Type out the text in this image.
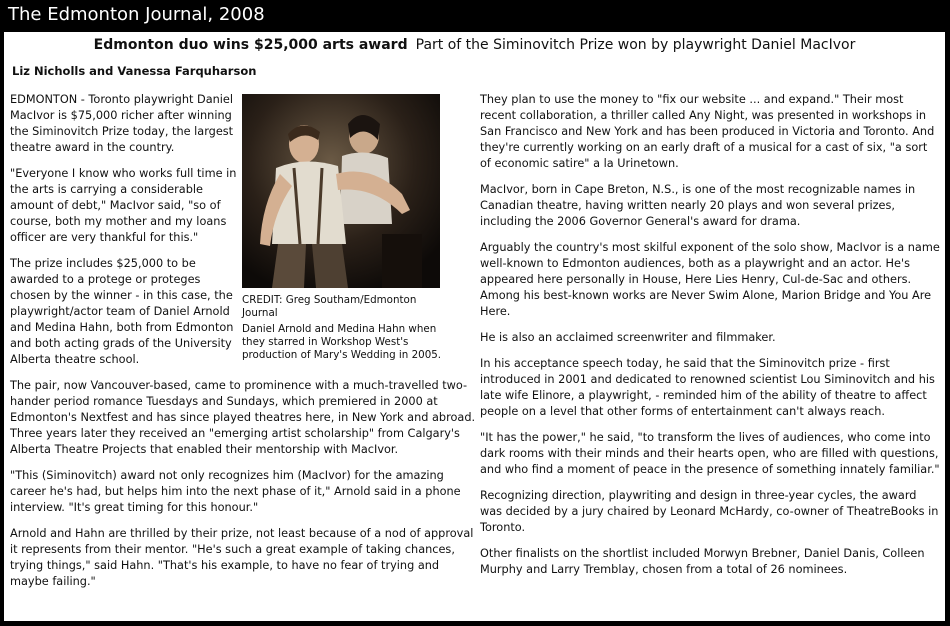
The Edmonton Journal, 2008
Edmonton duo wins $25,000 arts award Part of the Siminovitch Prize won by playwright Daniel MacIvor
Liz Nicholls and Vanessa Farquharson
CREDIT: Greg Southam/Edmonton Journal
Daniel Arnold and Medina Hahn when they starred in Workshop West's production of Mary's Wedding in 2005.

EDMONTON - Toronto playwright Daniel MacIvor is $75,000 richer after winning the Siminovitch Prize today, the largest theatre award in the country.

"Everyone I know who works full time in the arts is carrying a considerable amount of debt," MacIvor said, "so of course, both my mother and my loans officer are very thankful for this."

The prize includes $25,000 to be awarded to a protege or proteges chosen by the winner - in this case, the playwright/actor team of Daniel Arnold and Medina Hahn, both from Edmonton and both acting grads of the University Alberta theatre school.

The pair, now Vancouver-based, came to prominence with a much-travelled two-hander period romance Tuesdays and Sundays, which premiered in 2000 at Edmonton's Nextfest and has since played theatres here, in New York and abroad. Three years later they received an "emerging artist scholarship" from Calgary's Alberta Theatre Projects that enabled their mentorship with MacIvor.

"This (Siminovitch) award not only recognizes him (MacIvor) for the amazing career he's had, but helps him into the next phase of it," Arnold said in a phone interview. "It's great timing for this honour."

Arnold and Hahn are thrilled by their prize, not least because of a nod of approval it represents from their mentor. "He's such a great example of taking chances, trying things," said Hahn. "That's his example, to have no fear of trying and maybe failing."

They plan to use the money to "fix our website ... and expand." Their most recent collaboration, a thriller called Any Night, was presented in workshops in San Francisco and New York and has been produced in Victoria and Toronto. And they're currently working on an early draft of a musical for a cast of six, "a sort of economic satire" a la Urinetown.

MacIvor, born in Cape Breton, N.S., is one of the most recognizable names in Canadian theatre, having written nearly 20 plays and won several prizes, including the 2006 Governor General's award for drama.

Arguably the country's most skilful exponent of the solo show, MacIvor is a name well-known to Edmonton audiences, both as a playwright and an actor. He's appeared here personally in House, Here Lies Henry, Cul-de-Sac and others. Among his best-known works are Never Swim Alone, Marion Bridge and You Are Here.

He is also an acclaimed screenwriter and filmmaker.

In his acceptance speech today, he said that the Siminovitch prize - first introduced in 2001 and dedicated to renowned scientist Lou Siminovitch and his late wife Elinore, a playwright, - reminded him of the ability of theatre to affect people on a level that other forms of entertainment can't always reach.

"It has the power," he said, "to transform the lives of audiences, who come into dark rooms with their minds and their hearts open, who are filled with questions, and who find a moment of peace in the presence of something innately familiar."

Recognizing direction, playwriting and design in three-year cycles, the award was decided by a jury chaired by Leonard McHardy, co-owner of TheatreBooks in Toronto.

Other finalists on the shortlist included Morwyn Brebner, Daniel Danis, Colleen Murphy and Larry Tremblay, chosen from a total of 26 nominees.
